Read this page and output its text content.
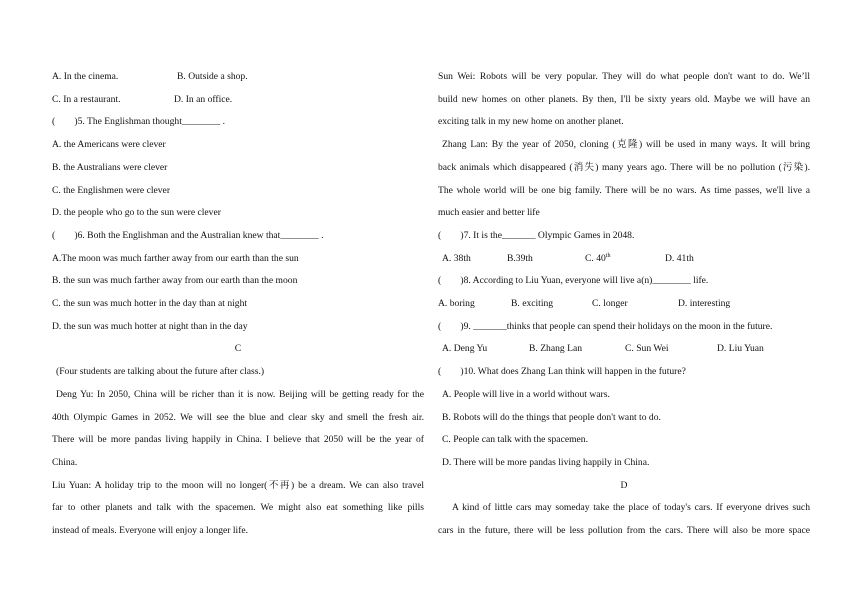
A. In the cinema.	B. Outside a shop.

C. In a restaurant.	D. In an office.

(　　)5. The Englishman thought________ .

A. the Americans were clever

B. the Australians were clever

C. the Englishmen were clever

D. the people who go to the sun were clever

(　　)6. Both the Englishman and the Australian knew that________ .

A.The moon was much farther away from our earth than the sun

B. the sun was much farther away from our earth than the moon

C. the sun was much hotter in the day than at night

D. the sun was much hotter at night than in the day

C

(Four students are talking about the future after class.)

Deng Yu: In 2050, China will be richer than it is now. Beijing will be getting ready for the

40th Olympic Games in 2052. We will see the blue and clear sky and smell the fresh air.

There will be more pandas living happily in China. I believe that 2050 will be the year of

China.

Liu Yuan: A holiday trip to the moon will no longer(不再) be a dream. We can also travel

far to other planets and talk with the spacemen. We might also eat something like pills

instead of meals. Everyone will enjoy a longer life.

Sun Wei: Robots will be very popular. They will do what people don't want to do. We’ll

build new homes on other planets. By then, I'll be sixty years old. Maybe we will have an

exciting talk in my new home on another planet.

Zhang Lan: By the year of 2050, cloning (克隆) will be used in many ways. It will bring

back animals which disappeared (消失) many years ago. There will be no pollution (污染).

The whole world will be one big family. There will be no wars. As time passes, we'll live a

much easier and better life

(　　)7. It is the_______ Olympic Games in 2048.

A. 38th	B.39th	C. 40th	D. 41th

(　　)8. According to Liu Yuan, everyone will live a(n)________ life.

A. boring	B. exciting	C. longer	D. interesting

(　　)9. _______thinks that people can spend their holidays on the moon in the future.

A. Deng Yu	B. Zhang Lan	C. Sun Wei	D. Liu Yuan

(　　)10. What does Zhang Lan think will happen in the future?

A. People will live in a world without wars.

B. Robots will do the things that people don't want to do.

C. People can talk with the spacemen.

D. There will be more pandas living happily in China.

D

A kind of little cars may someday take the place of today's cars. If everyone drives such

cars in the future, there will be less pollution from the cars. There will also be more space
